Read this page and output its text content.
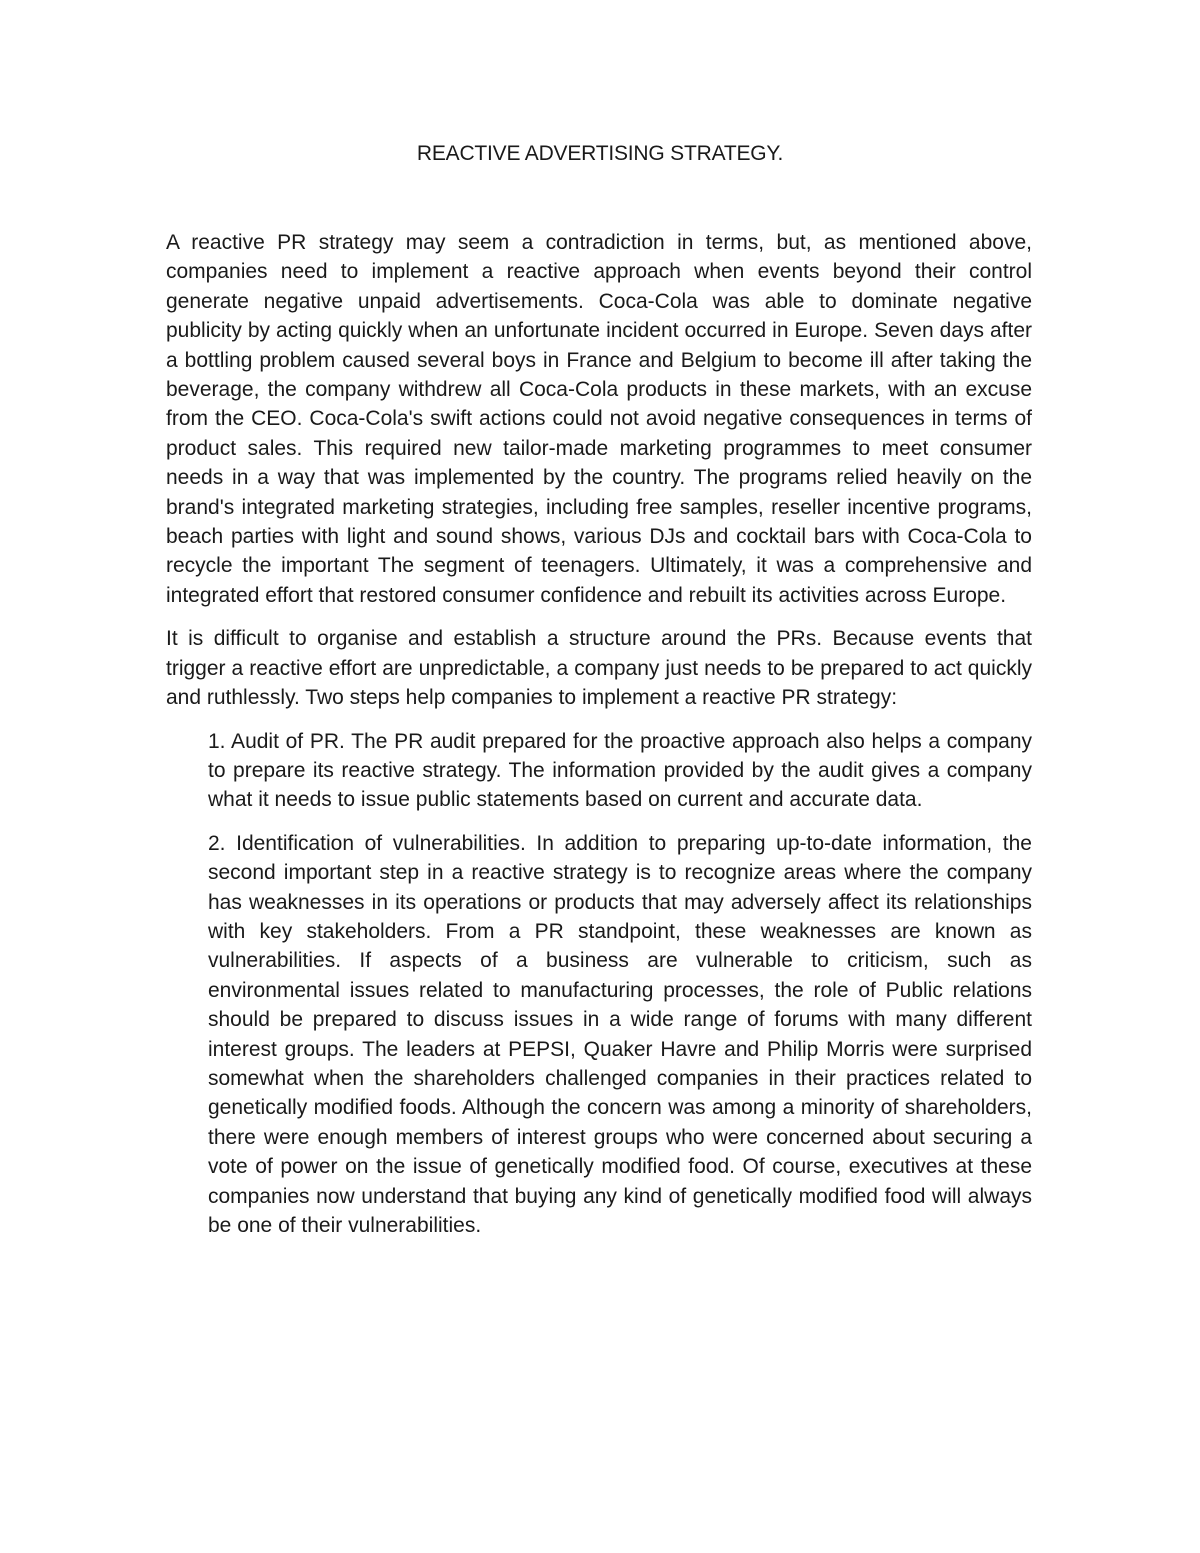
REACTIVE ADVERTISING STRATEGY.

A reactive PR strategy may seem a contradiction in terms, but, as mentioned above, companies need to implement a reactive approach when events beyond their control generate negative unpaid advertisements. Coca-Cola was able to dominate negative publicity by acting quickly when an unfortunate incident occurred in Europe. Seven days after a bottling problem caused several boys in France and Belgium to become ill after taking the beverage, the company withdrew all Coca-Cola products in these markets, with an excuse from the CEO. Coca-Cola's swift actions could not avoid negative consequences in terms of product sales. This required new tailor-made marketing programmes to meet consumer needs in a way that was implemented by the country. The programs relied heavily on the brand's integrated marketing strategies, including free samples, reseller incentive programs, beach parties with light and sound shows, various DJs and cocktail bars with Coca-Cola to recycle the important The segment of teenagers. Ultimately, it was a comprehensive and integrated effort that restored consumer confidence and rebuilt its activities across Europe.

It is difficult to organise and establish a structure around the PRs. Because events that trigger a reactive effort are unpredictable, a company just needs to be prepared to act quickly and ruthlessly. Two steps help companies to implement a reactive PR strategy:

1. Audit of PR. The PR audit prepared for the proactive approach also helps a company to prepare its reactive strategy. The information provided by the audit gives a company what it needs to issue public statements based on current and accurate data.
2. Identification of vulnerabilities. In addition to preparing up-to-date information, the second important step in a reactive strategy is to recognize areas where the company has weaknesses in its operations or products that may adversely affect its relationships with key stakeholders. From a PR standpoint, these weaknesses are known as vulnerabilities. If aspects of a business are vulnerable to criticism, such as environmental issues related to manufacturing processes, the role of Public relations should be prepared to discuss issues in a wide range of forums with many different interest groups. The leaders at PEPSI, Quaker Havre and Philip Morris were surprised somewhat when the shareholders challenged companies in their practices related to genetically modified foods. Although the concern was among a minority of shareholders, there were enough members of interest groups who were concerned about securing a vote of power on the issue of genetically modified food. Of course, executives at these companies now understand that buying any kind of genetically modified food will always be one of their vulnerabilities.
